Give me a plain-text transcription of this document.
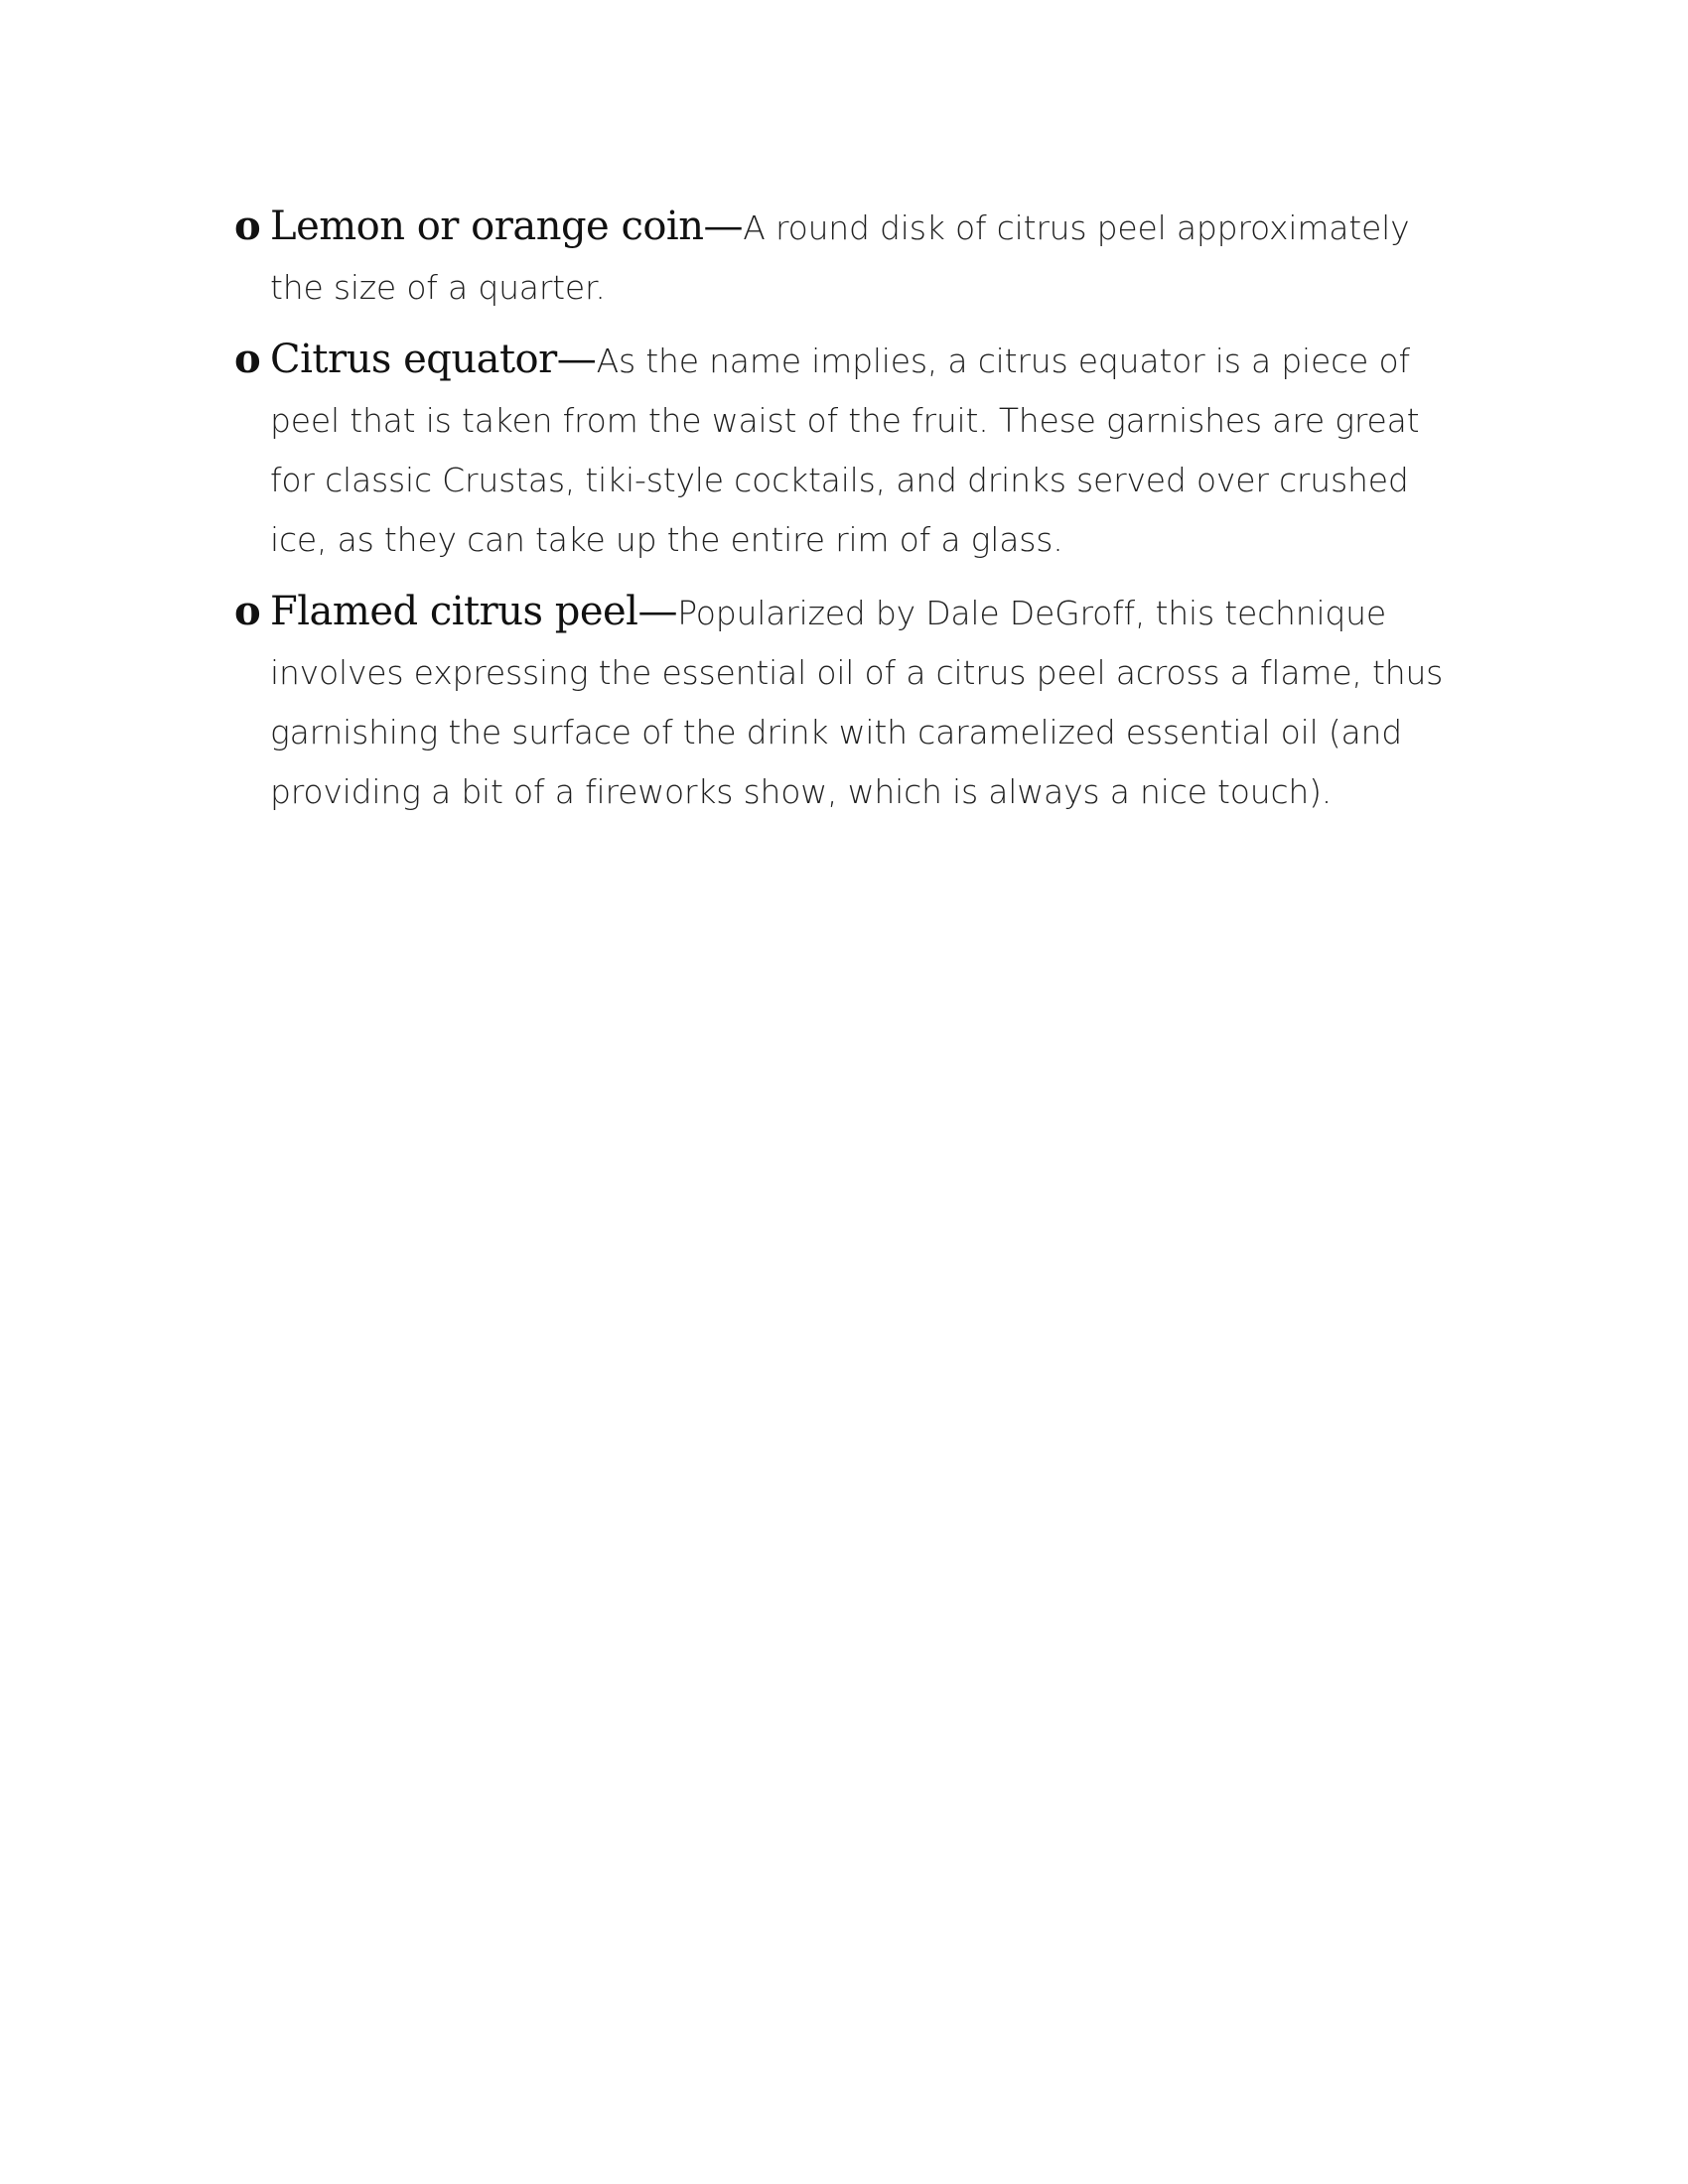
o Lemon or orange coin—A round disk of citrus peel approximately the size of a quarter.
o Citrus equator—As the name implies, a citrus equator is a piece of peel that is taken from the waist of the fruit. These garnishes are great for classic Crustas, tiki-style cocktails, and drinks served over crushed ice, as they can take up the entire rim of a glass.
o Flamed citrus peel—Popularized by Dale DeGroff, this technique involves expressing the essential oil of a citrus peel across a flame, thus garnishing the surface of the drink with caramelized essential oil (and providing a bit of a fireworks show, which is always a nice touch).
